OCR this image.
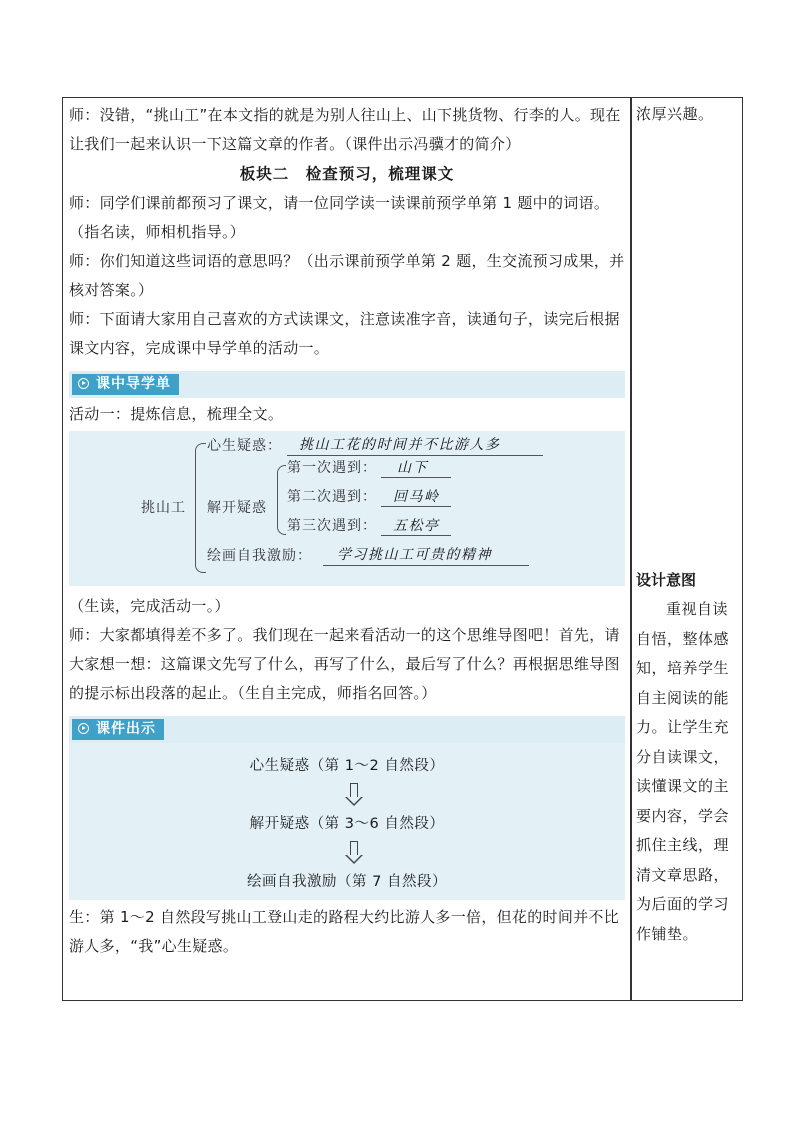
师：没错，“挑山工”在本文指的就是为别人往山上、山下挑货物、行李的人。现在让我们一起来认识一下这篇文章的作者。（课件出示冯骥才的简介）

板块二　检查预习，梳理课文

师：同学们课前都预习了课文，请一位同学读一读课前预学单第 1 题中的词语。（指名读，师相机指导。）

师：你们知道这些词语的意思吗？（出示课前预学单第 2 题，生交流预习成果，并核对答案。）

师：下面请大家用自己喜欢的方式读课文，注意读准字音，读通句子，读完后根据课文内容，完成课中导学单的活动一。

课中导学单

活动一：提炼信息，梳理全文。

挑山工
心生疑惑： 挑山工花的时间并不比游人多
解开疑惑
第一次遇到： 山下
第二次遇到： 回马岭
第三次遇到： 五松亭
绘画自我激励： 学习挑山工可贵的精神

（生读，完成活动一。）

师：大家都填得差不多了。我们现在一起来看活动一的这个思维导图吧！首先，请大家想一想：这篇课文先写了什么，再写了什么，最后写了什么？再根据思维导图的提示标出段落的起止。（生自主完成，师指名回答。）

课件出示

心生疑惑（第 1～2 自然段）

解开疑惑（第 3～6 自然段）

绘画自我激励（第 7 自然段）

生：第 1～2 自然段写挑山工登山走的路程大约比游人多一倍，但花的时间并不比游人多，“我”心生疑惑。

浓厚兴趣。

设计意图

重视自读自悟，整体感知，培养学生自主阅读的能力。让学生充分自读课文，读懂课文的主要内容，学会抓住主线，理清文章思路，为后面的学习作铺垫。
